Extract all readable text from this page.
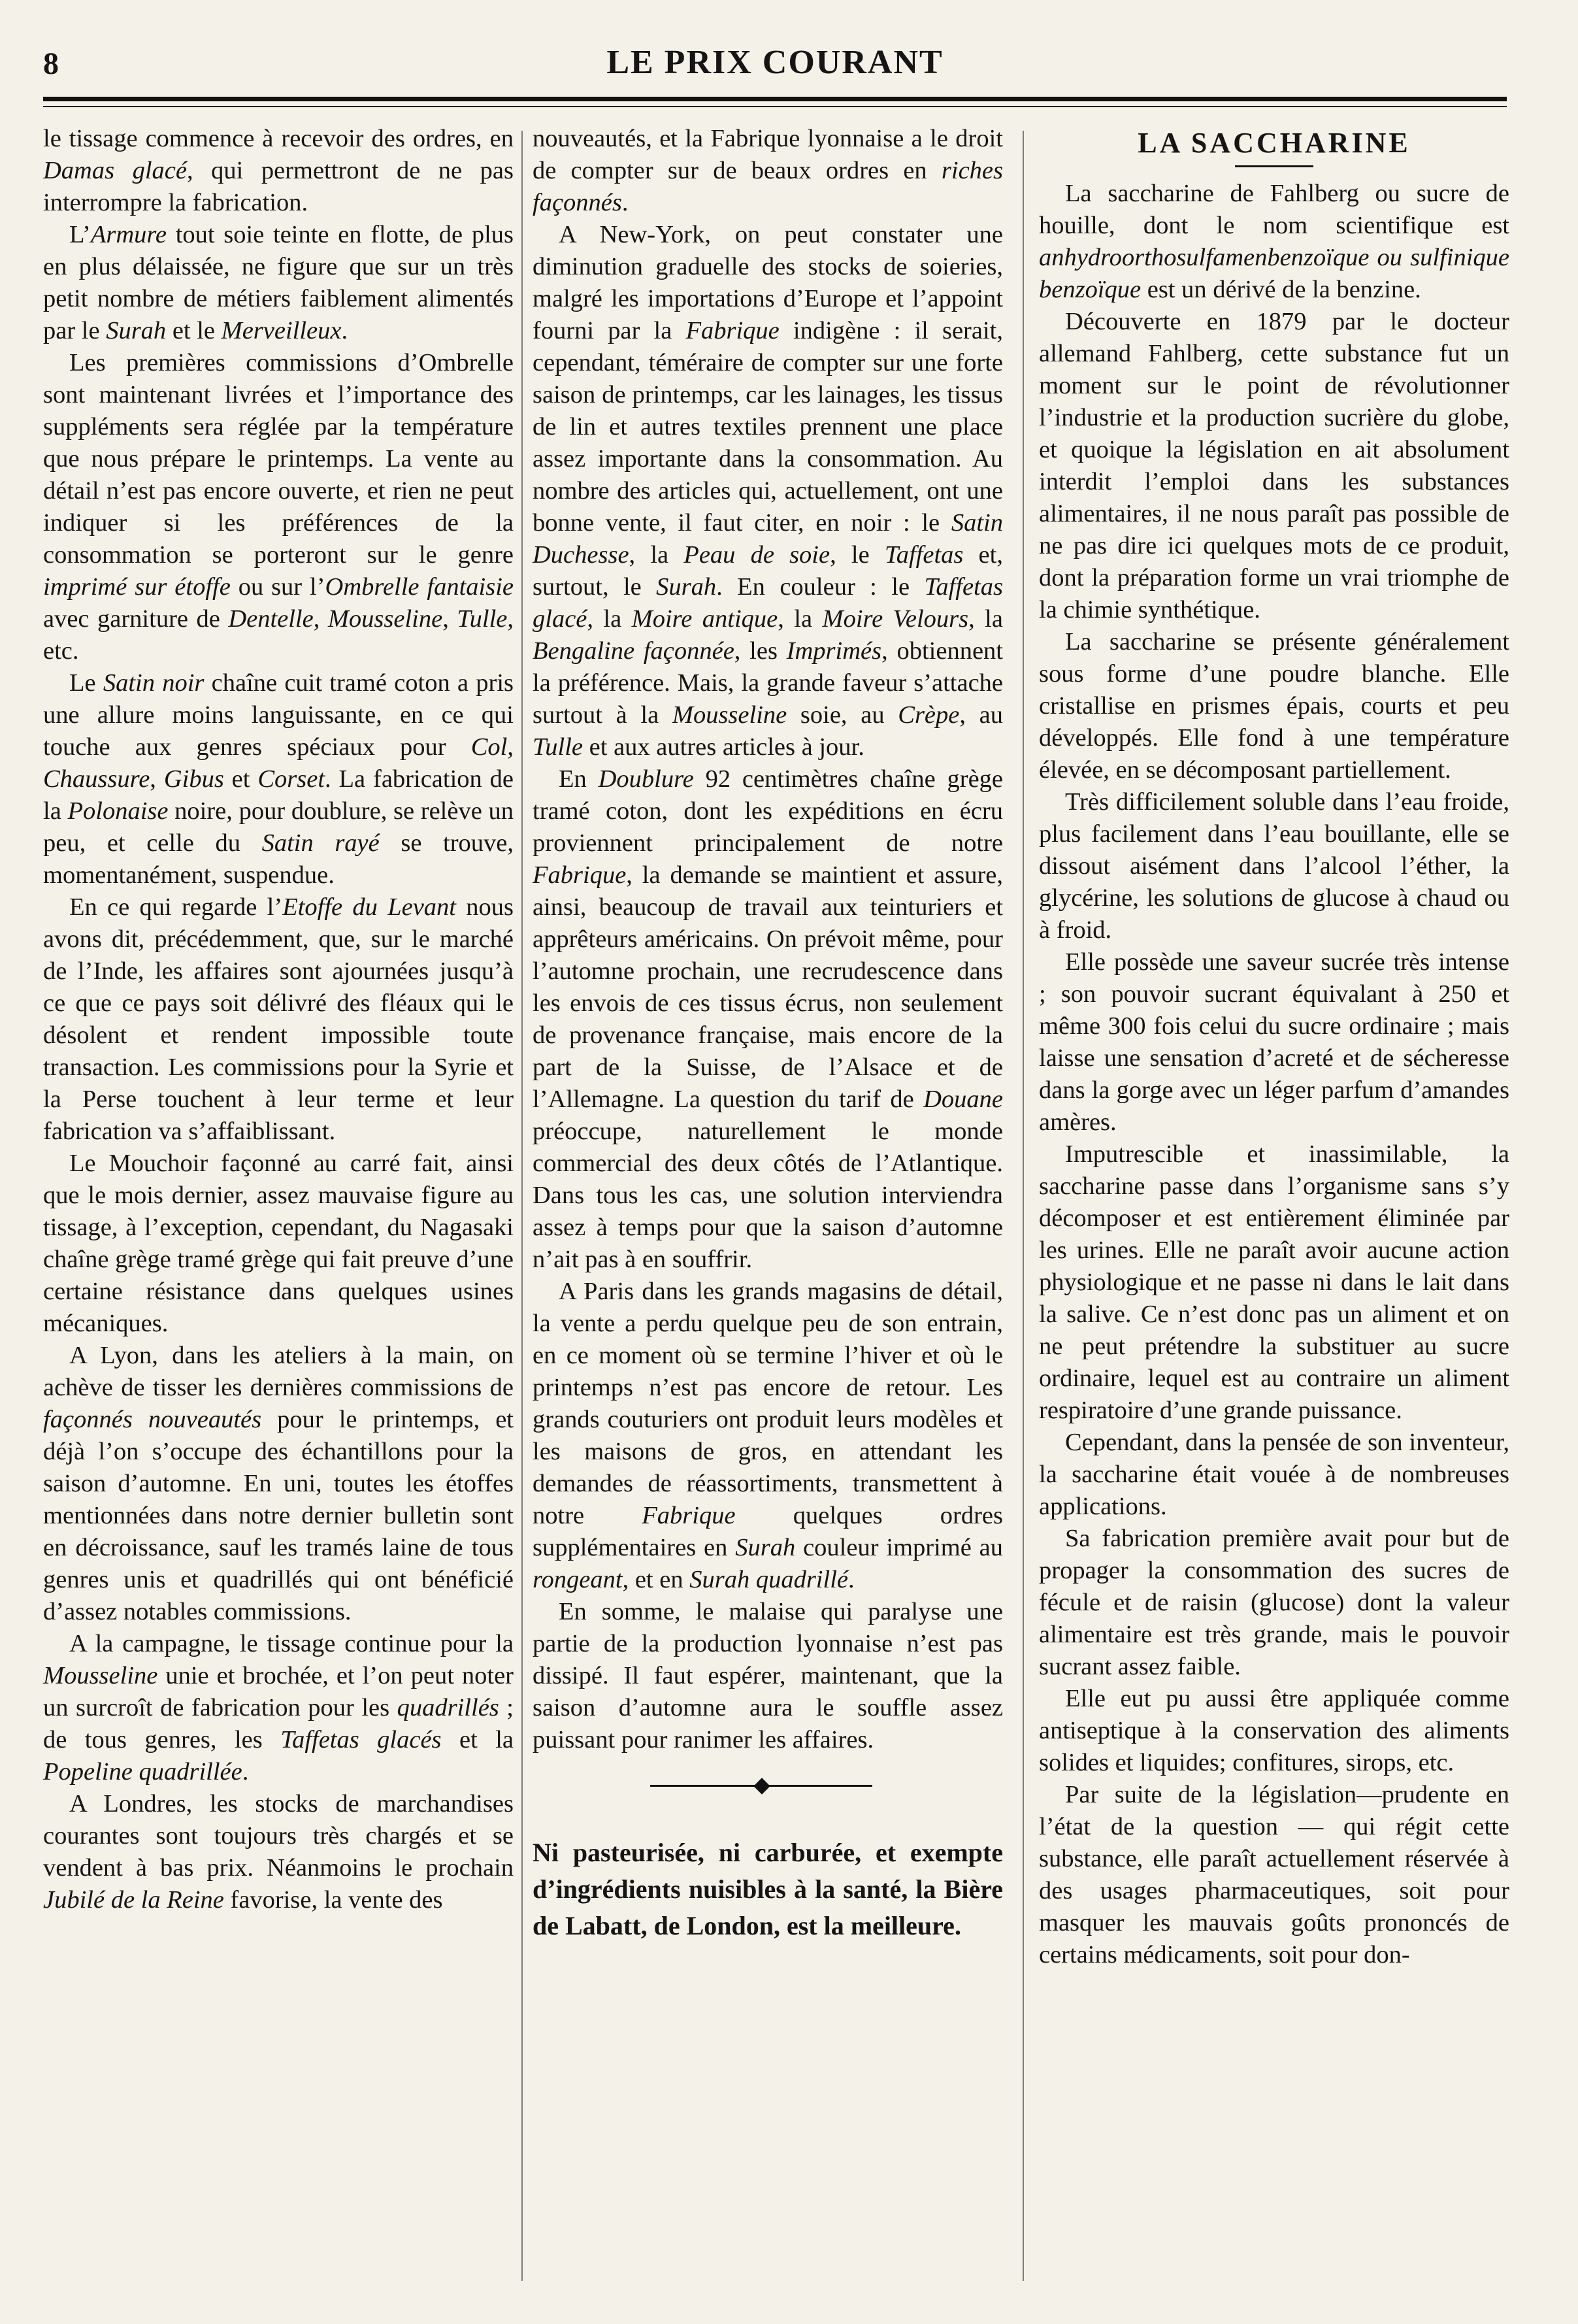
8	LE PRIX COURANT

le tissage commence à recevoir des ordres, en Damas glacé, qui permettront de ne pas interrompre la fabrication.

L’Armure tout soie teinte en flotte, de plus en plus délaissée, ne figure que sur un très petit nombre de métiers faiblement alimentés par le Surah et le Merveilleux.

Les premières commissions d’Ombrelle sont maintenant livrées et l’importance des suppléments sera réglée par la température que nous prépare le printemps. La vente au détail n’est pas encore ouverte, et rien ne peut indiquer si les préférences de la consommation se porteront sur le genre imprimé sur étoffe ou sur l’Ombrelle fantaisie avec garniture de Dentelle, Mousseline, Tulle, etc.

Le Satin noir chaîne cuit tramé coton a pris une allure moins languissante, en ce qui touche aux genres spéciaux pour Col, Chaussure, Gibus et Corset. La fabrication de la Polonaise noire, pour doublure, se relève un peu, et celle du Satin rayé se trouve, momentanément, suspendue.

En ce qui regarde l’Etoffe du Levant nous avons dit, précédemment, que, sur le marché de l’Inde, les affaires sont ajournées jusqu’à ce que ce pays soit délivré des fléaux qui le désolent et rendent impossible toute transaction. Les commissions pour la Syrie et la Perse touchent à leur terme et leur fabrication va s’affaiblissant.

Le Mouchoir façonné au carré fait, ainsi que le mois dernier, assez mauvaise figure au tissage, à l’exception, cependant, du Nagasaki chaîne grège tramé grège qui fait preuve d’une certaine résistance dans quelques usines mécaniques.

A Lyon, dans les ateliers à la main, on achève de tisser les dernières commissions de façonnés nouveautés pour le printemps, et déjà l’on s’occupe des échantillons pour la saison d’automne. En uni, toutes les étoffes mentionnées dans notre dernier bulletin sont en décroissance, sauf les tramés laine de tous genres unis et quadrillés qui ont bénéficié d’assez notables commissions.

A la campagne, le tissage continue pour la Mousseline unie et brochée, et l’on peut noter un surcroît de fabrication pour les quadrillés ; de tous genres, les Taffetas glacés et la Popeline quadrillée.

A Londres, les stocks de marchandises courantes sont toujours très chargés et se vendent à bas prix. Néanmoins le prochain Jubilé de la Reine favorise, la vente des

nouveautés, et la Fabrique lyonnaise a le droit de compter sur de beaux ordres en riches façonnés.

A New-York, on peut constater une diminution graduelle des stocks de soieries, malgré les importations d’Europe et l’appoint fourni par la Fabrique indigène : il serait, cependant, téméraire de compter sur une forte saison de printemps, car les lainages, les tissus de lin et autres textiles prennent une place assez importante dans la consommation. Au nombre des articles qui, actuellement, ont une bonne vente, il faut citer, en noir : le Satin Duchesse, la Peau de soie, le Taffetas et, surtout, le Surah. En couleur : le Taffetas glacé, la Moire antique, la Moire Velours, la Bengaline façonnée, les Imprimés, obtiennent la préférence. Mais, la grande faveur s’attache surtout à la Mousseline soie, au Crèpe, au Tulle et aux autres articles à jour.

En Doublure 92 centimètres chaîne grège tramé coton, dont les expéditions en écru proviennent principalement de notre Fabrique, la demande se maintient et assure, ainsi, beaucoup de travail aux teinturiers et apprêteurs américains. On prévoit même, pour l’automne prochain, une recrudescence dans les envois de ces tissus écrus, non seulement de provenance française, mais encore de la part de la Suisse, de l’Alsace et de l’Allemagne. La question du tarif de Douane préoccupe, naturellement le monde commercial des deux côtés de l’Atlantique. Dans tous les cas, une solution interviendra assez à temps pour que la saison d’automne n’ait pas à en souffrir.

A Paris dans les grands magasins de détail, la vente a perdu quelque peu de son entrain, en ce moment où se termine l’hiver et où le printemps n’est pas encore de retour. Les grands couturiers ont produit leurs modèles et les maisons de gros, en attendant les demandes de réassortiments, transmettent à notre Fabrique quelques ordres supplémentaires en Surah couleur imprimé au rongeant, et en Surah quadrillé.

En somme, le malaise qui paralyse une partie de la production lyonnaise n’est pas dissipé. Il faut espérer, maintenant, que la saison d’automne aura le souffle assez puissant pour ranimer les affaires.

Ni pasteurisée, ni carburée, et exempte d’ingrédients nuisibles à la santé, la Bière de Labatt, de London, est la meilleure.
LA SACCHARINE

La saccharine de Fahlberg ou sucre de houille, dont le nom scientifique est anhydroorthosulfamenbenzoïque ou sulfinique benzoïque est un dérivé de la benzine.

Découverte en 1879 par le docteur allemand Fahlberg, cette substance fut un moment sur le point de révolutionner l’industrie et la production sucrière du globe, et quoique la législation en ait absolument interdit l’emploi dans les substances alimentaires, il ne nous paraît pas possible de ne pas dire ici quelques mots de ce produit, dont la préparation forme un vrai triomphe de la chimie synthétique.

La saccharine se présente généralement sous forme d’une poudre blanche. Elle cristallise en prismes épais, courts et peu développés. Elle fond à une température élevée, en se décomposant partiellement.

Très difficilement soluble dans l’eau froide, plus facilement dans l’eau bouillante, elle se dissout aisément dans l’alcool l’éther, la glycérine, les solutions de glucose à chaud ou à froid.

Elle possède une saveur sucrée très intense ; son pouvoir sucrant équivalant à 250 et même 300 fois celui du sucre ordinaire ; mais laisse une sensation d’acreté et de sécheresse dans la gorge avec un léger parfum d’amandes amères.

Imputrescible et inassimilable, la saccharine passe dans l’organisme sans s’y décomposer et est entièrement éliminée par les urines. Elle ne paraît avoir aucune action physiologique et ne passe ni dans le lait dans la salive. Ce n’est donc pas un aliment et on ne peut prétendre la substituer au sucre ordinaire, lequel est au contraire un aliment respiratoire d’une grande puissance.

Cependant, dans la pensée de son inventeur, la saccharine était vouée à de nombreuses applications.

Sa fabrication première avait pour but de propager la consommation des sucres de fécule et de raisin (glucose) dont la valeur alimentaire est très grande, mais le pouvoir sucrant assez faible.

Elle eut pu aussi être appliquée comme antiseptique à la conservation des aliments solides et liquides; confitures, sirops, etc.

Par suite de la législation—prudente en l’état de la question — qui régit cette substance, elle paraît actuellement réservée à des usages pharmaceutiques, soit pour masquer les mauvais goûts prononcés de certains médicaments, soit pour don-
